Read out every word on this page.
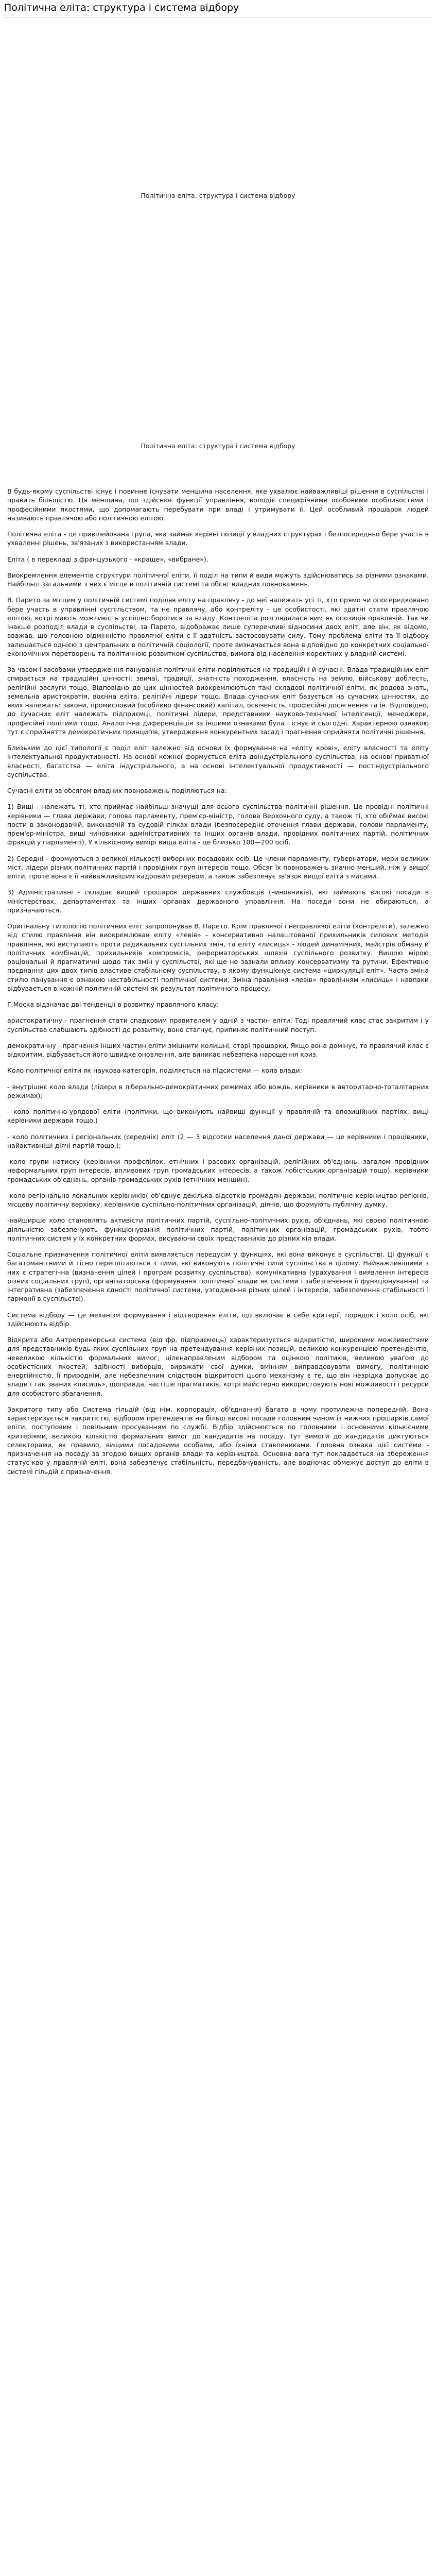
Політична еліта: структура і система відбору
Політична еліта: структура і система відбору
Політична еліта: структура і система відбору

В будь-якому суспільстві існує і повинне існувати меншина населення, яке ухвалює найважливіші рішення в суспільстві і править більшістю. Ця меншина, що здійснює функції управління, володіє специфічними особовими особливостями і професійними якостями, що допомагають перебувати при владі і утримувати її. Цей особливий прошарок людей називають правлячою або політичною елітою.

Політична еліта - це привілейована група, яка займає керівні позиції у владних структурах і безпосередньо бере участь в ухваленні рішень, зв'язаних з використанням влади.

Еліта ( в перекладі з французького - «краще», «вибране»).

Виокремлення елементів структури політичної еліти, її поділ на типи й види можуть здійснюватись за різними ознаками. Найбільш загальними з них є місце в політичній системі та обсяг владних повноважень.

В. Парето за місцем у політичній системі поділяв еліту на правлячу - до неї належать усі ті, хто прямо чи опосередковано бере участь в управлінні суспільством, та не правлячу, або контреліту - це особистості, які здатні стати правлячою елітою, котрі мають можливість успішно боротися за владу. Контреліта розглядалася ним як опозиція правлячій. Так чи інакше розподіл влади в суспільстві, за Парето, відображає лише суперечливі відносини двох еліт, але він, як відомо, вважав, що головною відмінністю правлячої еліти є її здатність застосовувати силу. Тому проблема еліти та її відбору залишається однією з центральних в політичній соціології, проте визначається вона відповідно до конкретних соціально-економічних перетворень та політичною розвитком суспільства, вимога від населення коректних у владній системі.

За часом і засобами утвердження панування політичні еліти поділяються на традиційні й сучасні. Влада традиційних еліт спирається на традиційні цінності: звичаї, традиції, знатність походження, власність на землю, військову доблесть, релігійні заслуги тощо. Відповідно до цих цінностей виокремлюються такі складові політичної еліти, як родова знать, земельна аристократія, воєнна еліта, релігійні лідери тощо. Влада сучасних еліт базується на сучасних цінностях, до яких належать: закони, промисловий (особливо фінансовий) капітал, освіченість, професійні досягнення та ін. Відповідно, до сучасних еліт належать підприємці, політичні лідери, представники науково-технічної інтелігенції, менеджери, професійні політики тощо. Аналогічна диференціація за іншими ознаками була і існує й сьогодні. Характерною ознакою тут є сприйняття демократичних принципів, утвердження конкурентних засад і прагнення сприйняти політичні рішення.

Близьким до цієї типології є поділ еліт залежно від основи їх формування на «еліту крові», еліту власності та еліту інтелектуальної продуктивності. На основі кожної формується еліта доіндустріального суспільства, на основі приватної власності, багатства — еліта індустріального, а на основі інтелектуальної продуктивності — постіндустріального суспільства.

Сучасні еліти за обсягом владних повноважень поділяються на:

1) Вищі - належать ті, хто приймає найбільш значущі для всього суспільства політичні рішення. Це провідні політичні керівники — глава держави, голова парламенту, прем'єр-міністр, голова Верховного суду, а також ті, хто обіймає високі пости в законодавчій, виконавчій та судовій гілках влади (безпосереднє оточення глави держави, голови парламенту, прем'єр-міністра, вищі чиновники адміністративних та інших органів влади, провідних політичних партій, політичних фракцій у парламенті). У кількісному вимірі вища еліта - це близько 100—200 осіб.

2) Середні - формуються з великої кількості виборних посадових осіб. Це члени парламенту, губернатори, мери великих міст, лідери різних політичних партій і провідних груп інтересів тощо. Обсяг їх повноважень значно менший, ніж у вищої еліти, проте вона є її найважливішим кадровим резервом, а також забезпечує зв'язок вищої еліти з масами.

3) Адміністративні - складає вищий прошарок державних службовців (чиновників), які займають високі посади в міністерствах, департаментах та інших органах державного управління. На посади вони не обираються, а призначаються.

Оригінальну типологію політичних еліт запропонував В. Парето. Крім правлячої і неправлячої еліти (контреліти), залежно від стилю правління він виокремлював еліту «левів» - консервативно налаштованої прихильників силових методів правління, які виступають проти радикальних суспільних змін, та еліту «лисиць» - людей динамічних, майстрів обману й політичних комбінацій, прихильників компромісів, реформаторських шляхів суспільного розвитку. Вищою мірою раціональні й прагматичні щодо тих змін у суспільстві, які ще не зазнали впливу консерватизму та рутини. Ефективне поєднання цих двох типів властиве стабільному суспільству, в якому функціонує система «циркуляції еліт». Часта зміна стилю панування є ознакою нестабільності політичної системи. Зміна правління «левів» правлінням «лисиць» і навпаки відбувається в кожній політичній системі як результат політичного процесу.

Г.Моска відзначає дві тенденції в розвитку правлячого класу:

аристократичну - прагнення стати спадковим правителем у одній з частин еліти. Тоді правлячий клас стає закритим і у суспільства слабшають здібності до розвитку, воно стагнує, припиняє політичний поступ.

демократичну - прагнення інших частин еліти зміцнити колишні, старі прошарки. Якщо вона домінує, то правлячий клас є відкритим, відбувається його швидке оновлення, але виникає небезпека нарощення криз.

Коло політичної еліти як наукова категорія, поділяється на підсистеми — кола влади:

- внутрішнє коло влади (лідери в ліберально-демократичних режимах або вождь, керівники в авторитарно-тоталітарних режимах);

- коло політично-урядової еліти (політики, що виконують найвищі функції у правлячій та опозиційних партіях, вищі керівники держави тощо.)

- коло політичних і регіональних (середніх) еліт (2 — 3 відсотки населення даної держави — це керівники і працівники, найактивніші діячі партій тощо.);

-коло групи натиску (керівники профспілок, етнічних і расових організацій, релігійних об'єднань, загалом провідних неформальних груп інтересів, впливових груп громадських інтересів, а також лобістських організацій тощо), керівники громадських об'єднань, органів громадських рухів (етнічних меншин).

-коло регіонально-локальних керівників( об'єднує декілька відсотків громадян держави, політичне керівництво регіонів, місцеву політичну верхівку, керівників суспільно-політичних організацій, діячів, що формують публічну думку.

-найширше коло становлять активісти політичних партій, суспільно-політичних рухів, об'єднань, які своєю політичною діяльністю забезпечують функціонування політичних партій, політичних організацій, громадських рухів, тобто політичних систем у їх конкретних формах, висуваючи своїх представників до різних кіл влади.

Соціальне призначення політичної еліти виявляється передусім у функціях, які вона виконує в суспільстві. Ці функції є багатоманітними й тісно переплітаються з тими, які виконують політичні сили суспільства в цілому. Найважливішими з них є стратегічна (визначення цілей і програм розвитку суспільства), комунікативна (урахування і виявлення інтересів різних соціальних груп), організаторська (формування політичної влади як системи і забезпечення її функціонування) та інтегративна (забезпечення єдності політичної системи, узгодження різних цілей і інтересів, забезпечення стабільності і гармонії в суспільстві).

Система відбору — це механізм формування і відтворення еліти, що включає в себе критерії, порядок і коло осіб, які здійснюють відбір.

Відкрита або Антрепренерська система (від фр. підприємець) характеризується відкритістю, широкими можливостями для представників будь-яких суспільних груп на претендування керівних позицій, великою конкуренцією претендентів, невеликою кількістю формальних вимог, ціленаправленим відбором та оцінкою політиків, великою увагою до особистісних якостей, здібності виборців, виражати свої думки, вмінням виправдовувати вимогу, політичною енергійністю. Її природнім, але небезпечним слідством відкритості цього механізму є те, що він незрідка допускає до влади і так званих «лисиць», щоправда, частіше прагматиків, котрі майстерно використовують нові можливості і ресурси для особистого збагачення.

Закритого типу або Система гільдій (від нім. корпорація, об'єднання) багато в чому протилежна попередній. Вона характеризується закритістю, відбором претендентів на більш високі посади головним чином із нижчих прошарків самої еліти, поступовим і повільним просуванням по службі. Відбір здійснюється по головними і основними кількісними критеріями, великою кількістю формальних вимог до кандидатів на посаду. Тут вимоги до кандидатів диктуються селекторами, як правило, вищими посадовими особами, або їхніми ставлениками. Головна ознака цієї системи - призначення на посаду за згодою вищих органів влади та керівництва. Основна вага тут покладається на збереження статус-кво у правлячій еліті, вона забезпечує стабільність, передбачуваність, але водночас обмежує доступ до еліти в системі гільдій є призначення.
